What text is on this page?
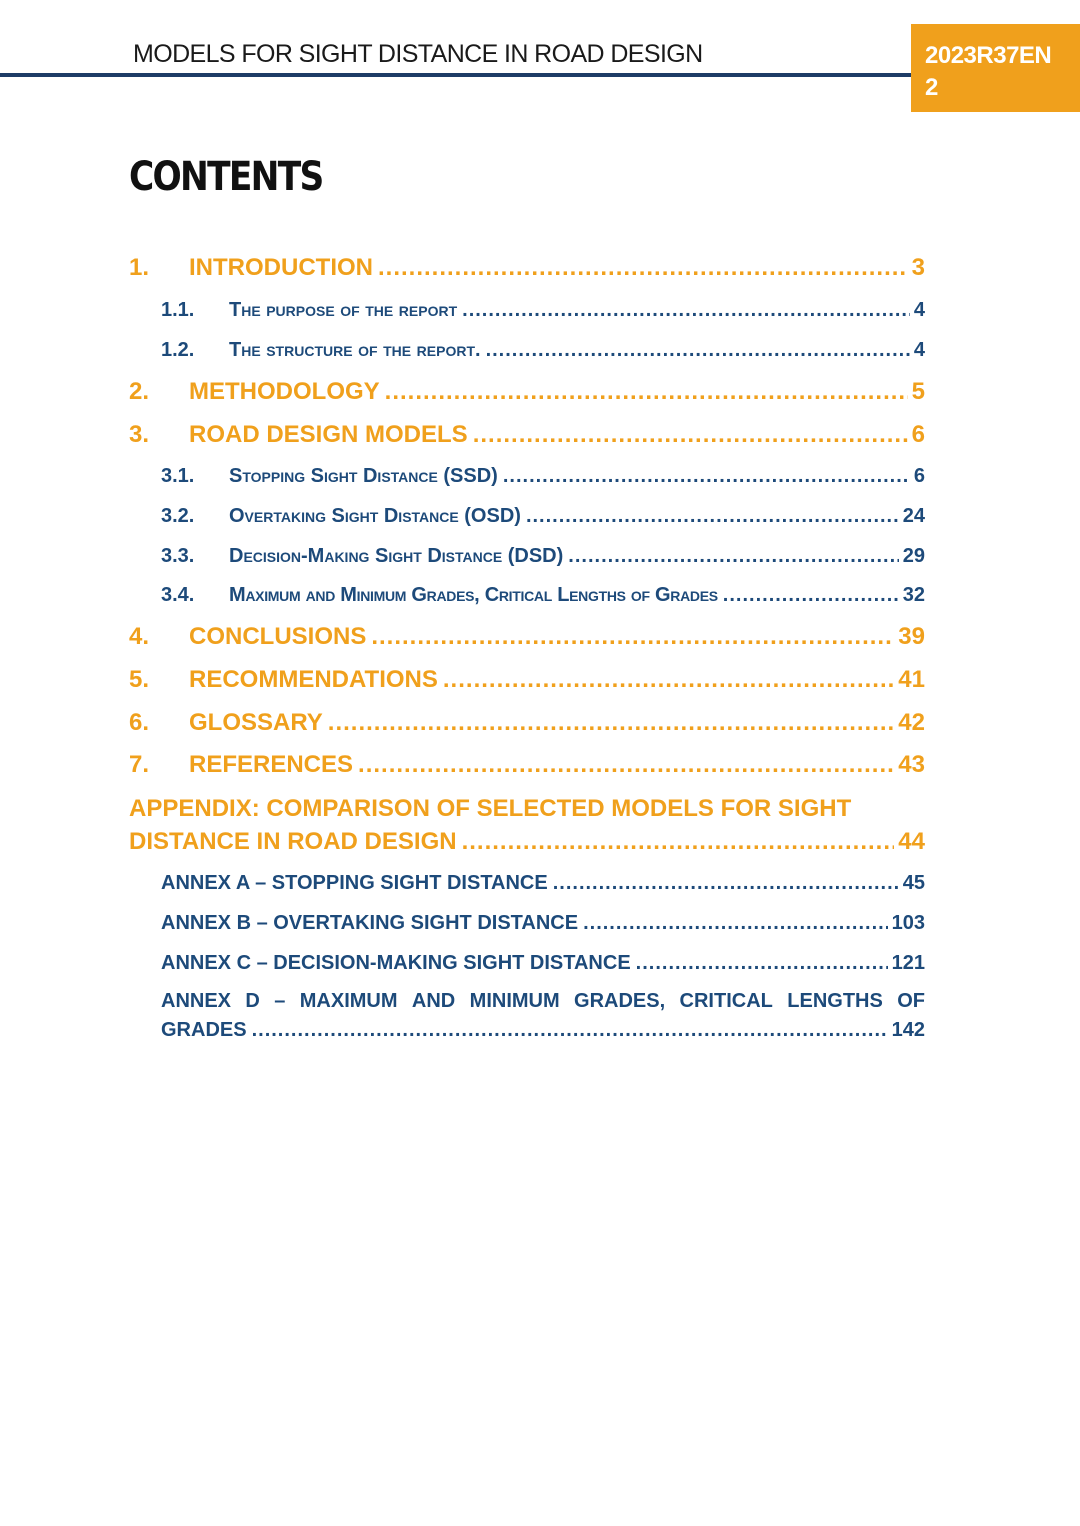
MODELS FOR SIGHT DISTANCE IN ROAD DESIGN	2023R37EN
2
CONTENTS
1.	INTRODUCTION .....	3
1.1.	The purpose of the report .....	4
1.2.	The structure of the report. .....	4
2.	METHODOLOGY .....	5
3.	ROAD DESIGN MODELS .....	6
3.1.	Stopping Sight Distance (SSD) .....	6
3.2.	Overtaking Sight Distance (OSD) .....	24
3.3.	Decision-Making Sight Distance (DSD) .....	29
3.4.	Maximum and Minimum Grades, Critical Lengths of Grades .....	32
4.	CONCLUSIONS .....	39
5.	RECOMMENDATIONS .....	41
6.	GLOSSARY .....	42
7.	REFERENCES .....	43
APPENDIX: COMPARISON OF SELECTED MODELS FOR SIGHT
DISTANCE IN ROAD DESIGN .....	44
ANNEX A – STOPPING SIGHT DISTANCE .....	45
ANNEX B – OVERTAKING SIGHT DISTANCE .....	103
ANNEX C – DECISION-MAKING SIGHT DISTANCE .....	121
ANNEX D – MAXIMUM AND MINIMUM GRADES, CRITICAL LENGTHS OF
GRADES .....	142
